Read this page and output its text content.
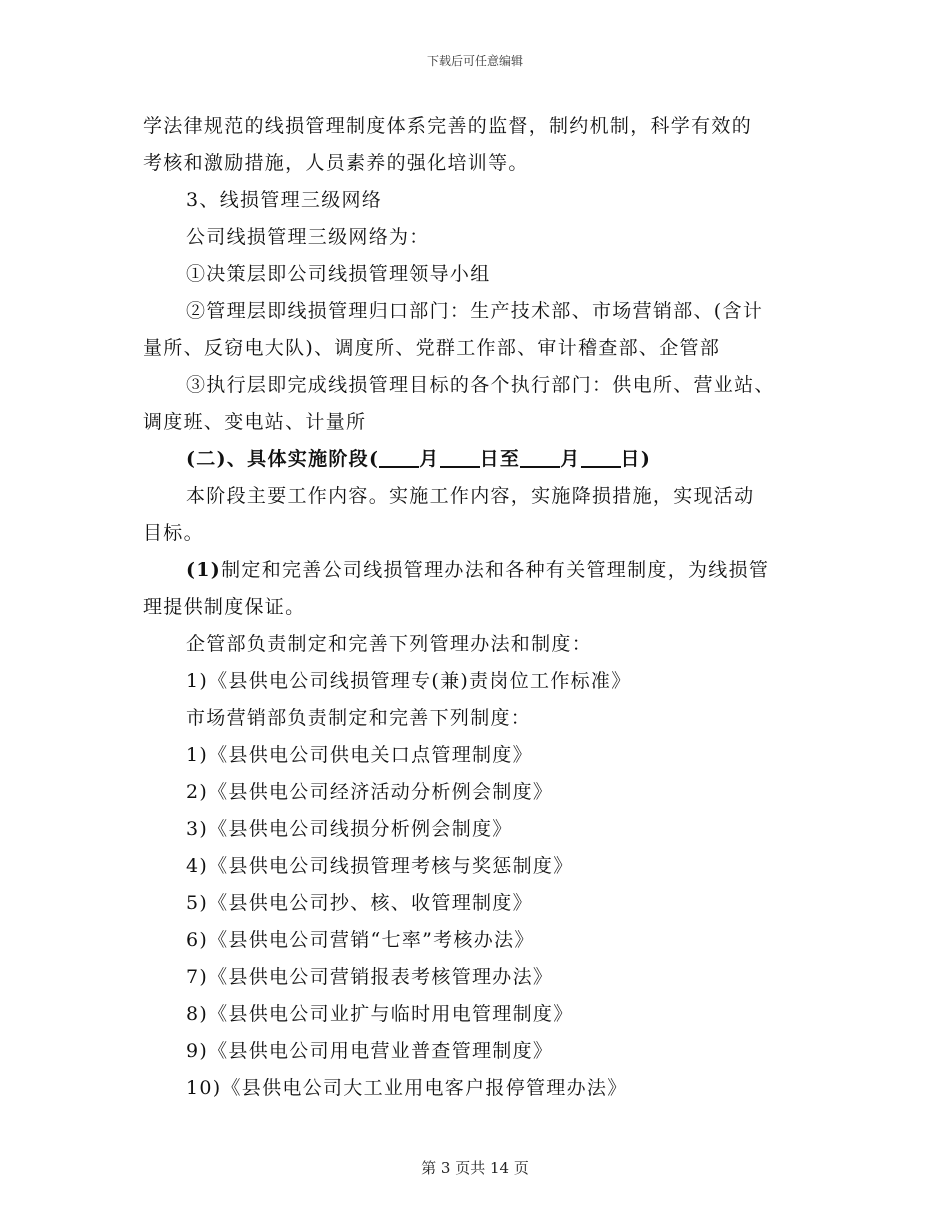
下载后可任意编辑
学法律规范的线损管理制度体系完善的监督，制约机制，科学有效的
考核和激励措施，人员素养的强化培训等。
3、线损管理三级网络
公司线损管理三级网络为：
①决策层即公司线损管理领导小组
②管理层即线损管理归口部门：生产技术部、市场营销部、(含计
量所、反窃电大队)、调度所、党群工作部、审计稽查部、企管部
③执行层即完成线损管理目标的各个执行部门：供电所、营业站、
调度班、变电站、计量所
(二)、具体实施阶段( 月 日至 月 日)
本阶段主要工作内容。实施工作内容，实施降损措施，实现活动
目标。
(1)制定和完善公司线损管理办法和各种有关管理制度，为线损管
理提供制度保证。
企管部负责制定和完善下列管理办法和制度：
1)《县供电公司线损管理专(兼)责岗位工作标准》
市场营销部负责制定和完善下列制度：
1)《县供电公司供电关口点管理制度》
2)《县供电公司经济活动分析例会制度》
3)《县供电公司线损分析例会制度》
4)《县供电公司线损管理考核与奖惩制度》
5)《县供电公司抄、核、收管理制度》
6)《县供电公司营销“七率”考核办法》
7)《县供电公司营销报表考核管理办法》
8)《县供电公司业扩与临时用电管理制度》
9)《县供电公司用电营业普查管理制度》
10)《县供电公司大工业用电客户报停管理办法》
第 3 页共 14 页
